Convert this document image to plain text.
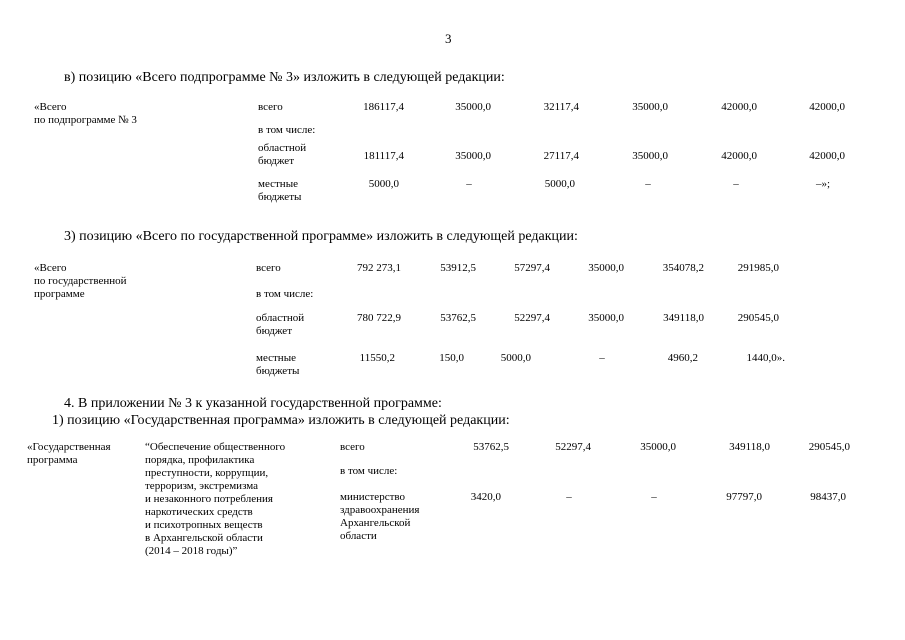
3
в) позицию «Всего подпрограмме № 3» изложить в следующей редакции:
«Всего
по подпрограмме № 3
всего	186117,4	35000,0	32117,4	35000,0	42000,0	42000,0
в том числе:
областной
бюджет	181117,4	35000,0	27117,4	35000,0	42000,0	42000,0
местные
бюджеты
5000,0	–	5000,0	–	–	–»;
3) позицию «Всего по государственной программе» изложить в следующей редакции:
«Всего
по государственной
программе
всего	792 273,1	53912,5	57297,4	35000,0	354078,2	291985,0
в том числе:
областной
бюджет
780 722,9	53762,5	52297,4	35000,0	349118,0	290545,0
местные
бюджеты
11550,2	150,0	5000,0	–	4960,2	1440,0».
4. В приложении № 3 к указанной государственной программе:
1) позицию «Государственная программа» изложить в следующей редакции:
«Государственная
программа
“Обеспечение общественного
порядка, профилактика
преступности, коррупции,
терроризм, экстремизма
и незаконного потребления
наркотических средств
и психотропных веществ
в Архангельской области
(2014 – 2018 годы)”
всего	53762,5	52297,4	35000,0	349118,0	290545,0
в том числе:
министерство
здравоохранения
Архангельской
области
3420,0	–	–	97797,0	98437,0
